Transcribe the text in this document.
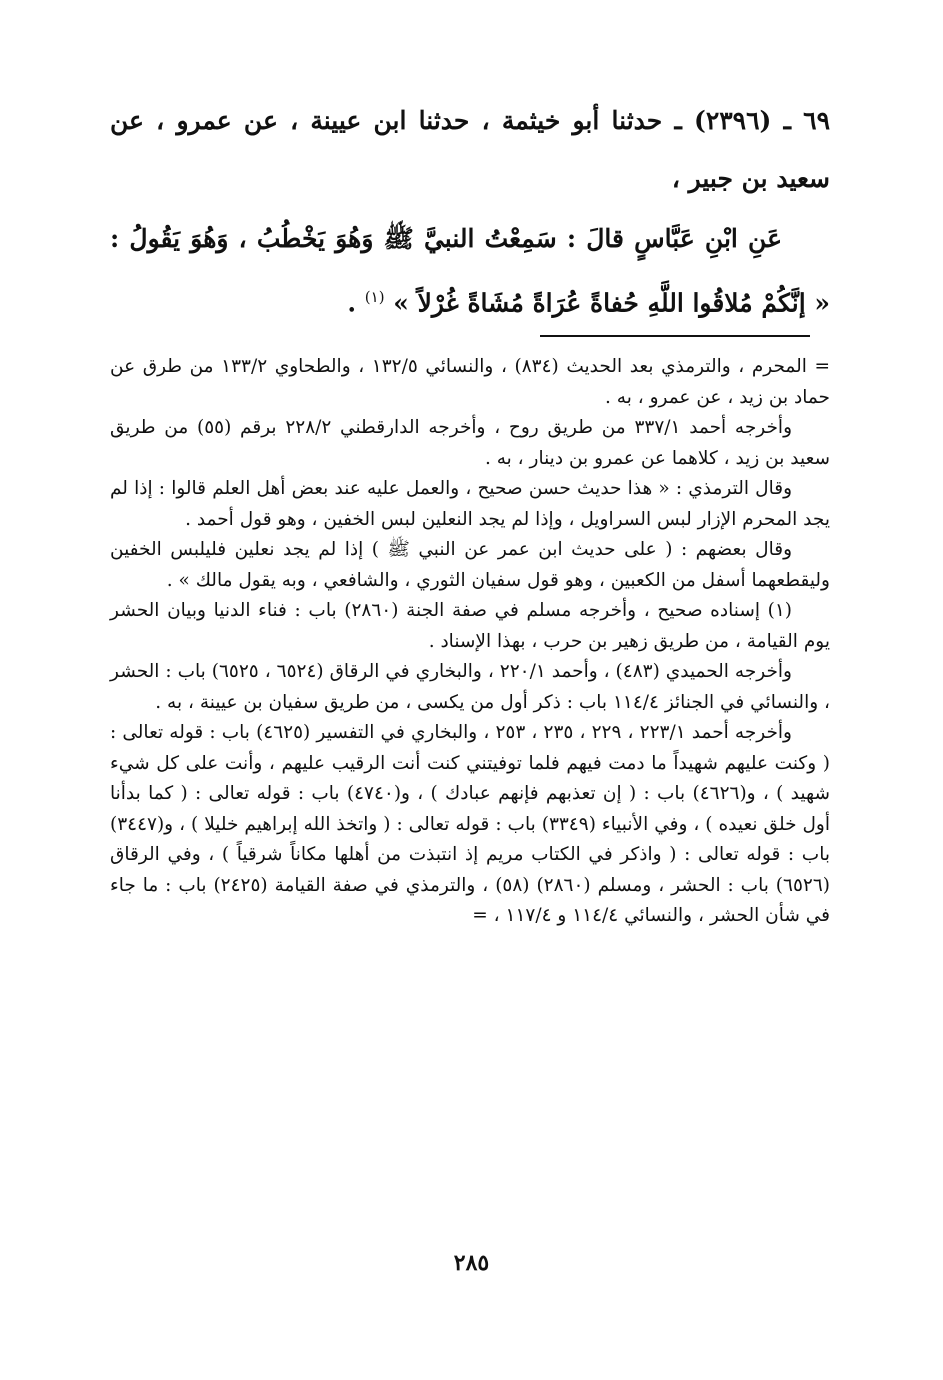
٦٩ ـ (٢٣٩٦) ـ حدثنا أبو خيثمة ، حدثنا ابن عيينة ، عن عمرو ، عن سعيد بن جبير ،
عَنِ ابْنِ عَبَّاسٍ قالَ : سَمِعْتُ النبيَّ ﷺ وَهُوَ يَخْطُبُ ، وَهُوَ يَقُولُ : « إنَّكُمْ مُلاقُوا اللَّهِ حُفاةً عُرَاةً مُشَاةً غُرْلاً » $^{(١)}$ .

= المحرم ، والترمذي بعد الحديث (٨٣٤) ، والنسائي ١٣٢/٥ ، والطحاوي ١٣٣/٢ من طرق عن حماد بن زيد ، عن عمرو ، به .

وأخرجه أحمد ٣٣٧/١ من طريق روح ، وأخرجه الدارقطني ٢٢٨/٢ برقم (٥٥) من طريق سعيد بن زيد ، كلاهما عن عمرو بن دينار ، به .

وقال الترمذي : « هذا حديث حسن صحيح ، والعمل عليه عند بعض أهل العلم قالوا : إذا لم يجد المحرم الإزار لبس السراويل ، وإذا لم يجد النعلين لبس الخفين ، وهو قول أحمد .

وقال بعضهم : ( على حديث ابن عمر عن النبي ﷺ ) إذا لم يجد نعلين فليلبس الخفين وليقطعهما أسفل من الكعبين ، وهو قول سفيان الثوري ، والشافعي ، وبه يقول مالك » .

(١) إسناده صحيح ، وأخرجه مسلم في صفة الجنة (٢٨٦٠) باب : فناء الدنيا وبيان الحشر يوم القيامة ، من طريق زهير بن حرب ، بهذا الإسناد .

وأخرجه الحميدي (٤٨٣) ، وأحمد ٢٢٠/١ ، والبخاري في الرقاق (٦٥٢٤ ، ٦٥٢٥) باب : الحشر ، والنسائي في الجنائز ١١٤/٤ باب : ذكر أول من يكسى ، من طريق سفيان بن عيينة ، به .

وأخرجه أحمد ٢٢٣/١ ، ٢٢٩ ، ٢٣٥ ، ٢٥٣ ، والبخاري في التفسير (٤٦٢٥) باب : قوله تعالى : ( وكنت عليهم شهيداً ما دمت فيهم فلما توفيتني كنت أنت الرقيب عليهم ، وأنت على كل شيء شهيد ) ، و(٤٦٢٦) باب : ( إن تعذبهم فإنهم عبادك ) ، و(٤٧٤٠) باب : قوله تعالى : ( كما بدأنا أول خلق نعيده ) ، وفي الأنبياء (٣٣٤٩) باب : قوله تعالى : ( واتخذ الله إبراهيم خليلا ) ، و(٣٤٤٧) باب : قوله تعالى : ( واذكر في الكتاب مريم إذ انتبذت من أهلها مكاناً شرقياً ) ، وفي الرقاق (٦٥٢٦) باب : الحشر ، ومسلم (٢٨٦٠) (٥٨) ، والترمذي في صفة القيامة (٢٤٢٥) باب : ما جاء في شأن الحشر ، والنسائي ١١٤/٤ و ١١٧/٤ ، =

٢٨٥
